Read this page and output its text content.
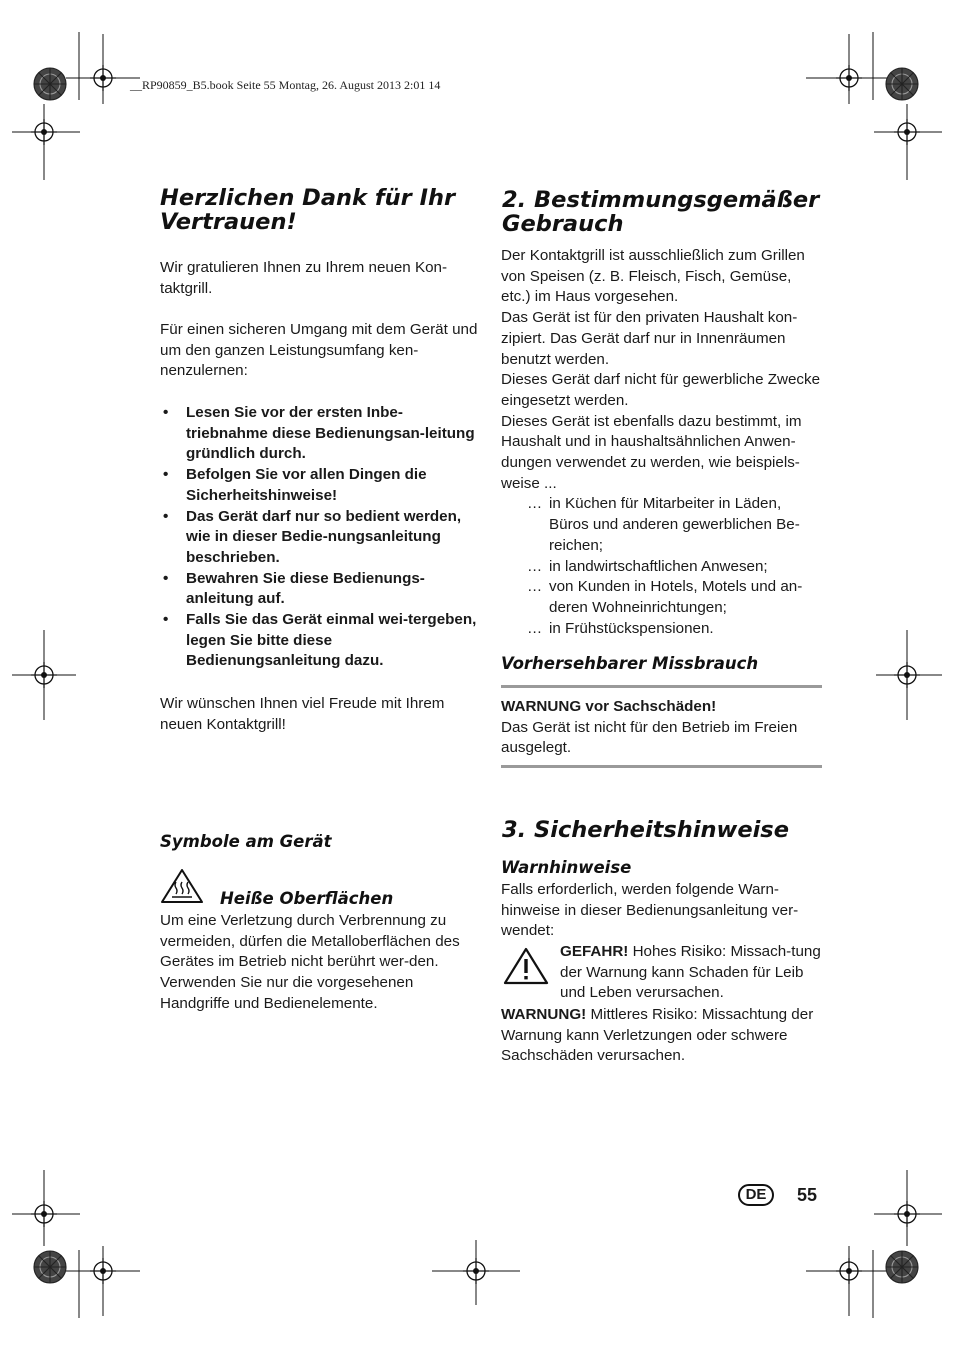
__RP90859_B5.book Seite 55 Montag, 26. August 2013 2:01 14
Herzlichen Dank für Ihr Vertrauen!

Wir gratulieren Ihnen zu Ihrem neuen Kon-taktgrill.

Für einen sicheren Umgang mit dem Gerät und um den ganzen Leistungsumfang ken-nenzulernen:

• Lesen Sie vor der ersten Inbe-triebnahme diese Bedienungsan-leitung gründlich durch.
• Befolgen Sie vor allen Dingen die Sicherheitshinweise!
• Das Gerät darf nur so bedient werden, wie in dieser Bedie-nungsanleitung beschrieben.
• Bewahren Sie diese Bedienungs-anleitung auf.
• Falls Sie das Gerät einmal wei-tergeben, legen Sie bitte diese Bedienungsanleitung dazu.

Wir wünschen Ihnen viel Freude mit Ihrem neuen Kontaktgrill!

Symbole am Gerät
Heiße Oberflächen

Um eine Verletzung durch Verbrennung zu vermeiden, dürfen die Metalloberflächen des Gerätes im Betrieb nicht berührt wer-den. Verwenden Sie nur die vorgesehenen Handgriffe und Bedienelemente.

2. Bestimmungsgemäßer Gebrauch

Der Kontaktgrill ist ausschließlich zum Grillen von Speisen (z. B. Fleisch, Fisch, Gemüse, etc.) im Haus vorgesehen.

Das Gerät ist für den privaten Haushalt kon-zipiert. Das Gerät darf nur in Innenräumen benutzt werden.

Dieses Gerät darf nicht für gewerbliche Zwecke eingesetzt werden.

Dieses Gerät ist ebenfalls dazu bestimmt, im Haushalt und in haushaltsähnlichen Anwen-dungen verwendet zu werden, wie beispiels-weise ...

… in Küchen für Mitarbeiter in Läden, Büros und anderen gewerblichen Be-reichen;
… in landwirtschaftlichen Anwesen;
… von Kunden in Hotels, Motels und an-deren Wohneinrichtungen;
… in Frühstückspensionen.
Vorhersehbarer Missbrauch

WARNUNG vor Sachschäden!

Das Gerät ist nicht für den Betrieb im Freien ausgelegt.

3. Sicherheitshinweise
Warnhinweise

Falls erforderlich, werden folgende Warn-hinweise in dieser Bedienungsanleitung ver-wendet:

GEFAHR! Hohes Risiko: Missach-tung der Warnung kann Schaden für Leib und Leben verursachen.

WARNUNG! Mittleres Risiko: Missachtung der Warnung kann Verletzungen oder schwere Sachschäden verursachen.

DE	55
